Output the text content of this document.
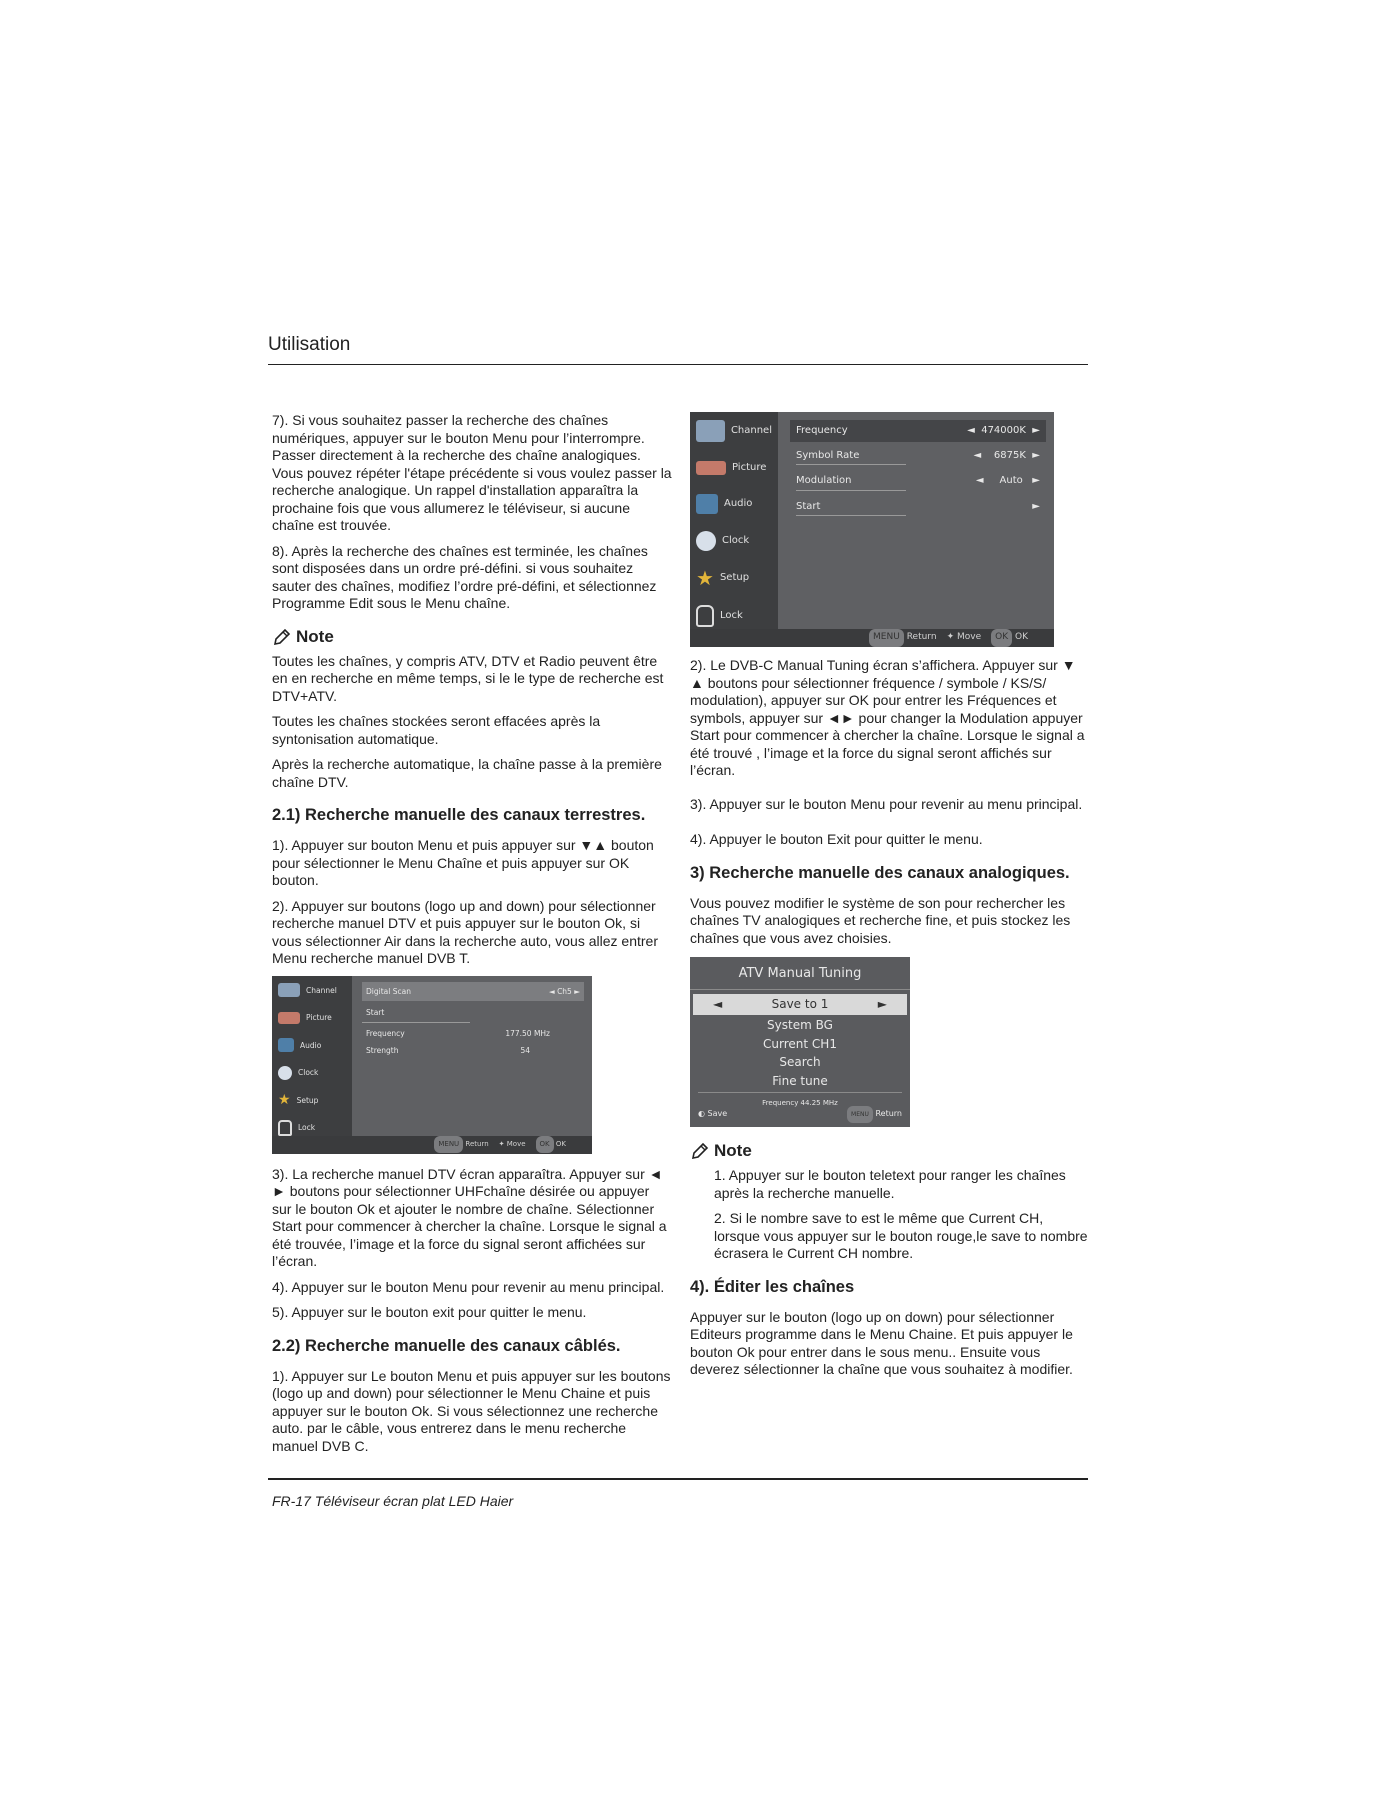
Utilisation

7). Si vous souhaitez passer la recherche des chaînes numériques, appuyer sur le bouton Menu pour l’interrompre. Passer directement à la recherche des chaîne analogiques. Vous pouvez répéter l'étape précédente si vous voulez passer la recherche analogique. Un rappel d'installation apparaîtra la prochaine fois que vous allumerez le téléviseur, si aucune chaîne est trouvée.

8). Après la recherche des chaînes est terminée, les chaînes sont disposées dans un ordre pré-défini. si vous souhaitez sauter des chaînes, modifiez l’ordre pré-défini, et sélectionnez Programme Edit sous le Menu chaîne.

Note

Toutes les chaînes, y compris ATV, DTV et Radio peuvent être en en recherche en même temps, si le le type de recherche est DTV+ATV.

Toutes les chaînes stockées seront effacées après la syntonisation automatique.

Après la recherche automatique, la chaîne passe à la première chaîne DTV.

2.1) Recherche manuelle des canaux terrestres.

1). Appuyer sur bouton Menu et puis appuyer sur ▼▲ bouton pour sélectionner le Menu Chaîne et puis appuyer sur OK bouton.

2). Appuyer sur boutons (logo up and down) pour sélectionner recherche manuel DTV et puis appuyer sur le bouton Ok, si vous sélectionner Air dans la recherche auto, vous allez entrer Menu recherche manuel DVB T.

Channel
Picture
Audio
Clock
★ Setup
Lock
Digital Scan	◄ Ch5 ►
Start
Frequency	177.50 MHz
Strength	54
MENU Return ✦ Move	OK OK

3). La recherche manuel DTV écran apparaîtra. Appuyer sur ◄ ► boutons pour sélectionner UHFchaîne désirée ou appuyer sur le bouton Ok et ajouter le nombre de chaîne. Sélectionner Start pour commencer à chercher la chaîne. Lorsque le signal a été trouvée, l’image et la force du signal seront affichées sur l’écran.

4). Appuyer sur le bouton Menu pour revenir au menu principal.

5). Appuyer sur le bouton exit pour quitter le menu.

2.2) Recherche manuelle des canaux câblés.

1). Appuyer sur Le bouton Menu et puis appuyer sur les boutons (logo up and down) pour sélectionner le Menu Chaine et puis appuyer sur le bouton Ok. Si vous sélectionnez une recherche auto. par le câble, vous entrerez dans le menu recherche manuel DVB C.

Channel
Picture
Audio
Clock
★ Setup
Lock
Frequency	◄ 474000K ►
Symbol Rate	◄ 6875K ►
Modulation	◄ Auto ►
Start	►
MENU Return ✦ Move	OK OK

2). Le DVB-C Manual Tuning écran s’affichera. Appuyer sur ▼ ▲ boutons pour sélectionner fréquence / symbole / KS/S/ modulation), appuyer sur OK pour entrer les Fréquences et symbols, appuyer sur ◄► pour changer la Modulation appuyer Start pour commencer à chercher la chaîne. Lorsque le signal a été trouvé , l’image et la force du signal seront affichés sur l’écran.

3). Appuyer sur le bouton Menu pour revenir au menu principal.

4). Appuyer le bouton Exit pour quitter le menu.

3) Recherche manuelle des canaux analogiques.

Vous pouvez modifier le système de son pour rechercher les chaînes TV analogiques et recherche fine, et puis stockez les chaînes que vous avez choisies.

ATV Manual Tuning
◄	Save to 1	►
System BG
Current CH1
Search
Fine tune
Frequency 44.25 MHz
◐ Save	MENU Return
Note

1. Appuyer sur le bouton teletext pour ranger les chaînes après la recherche manuelle.

2. Si le nombre save to est le même que Current CH, lorsque vous appuyer sur le bouton rouge,le save to nombre écrasera le Current CH nombre.

4). Éditer les chaînes

Appuyer sur le bouton (logo up on down) pour sélectionner Editeurs programme dans le Menu Chaine. Et puis appuyer le bouton Ok pour entrer dans le sous menu.. Ensuite vous deverez sélectionner la chaîne que vous souhaitez à modifier.

FR-17 Téléviseur écran plat LED Haier
